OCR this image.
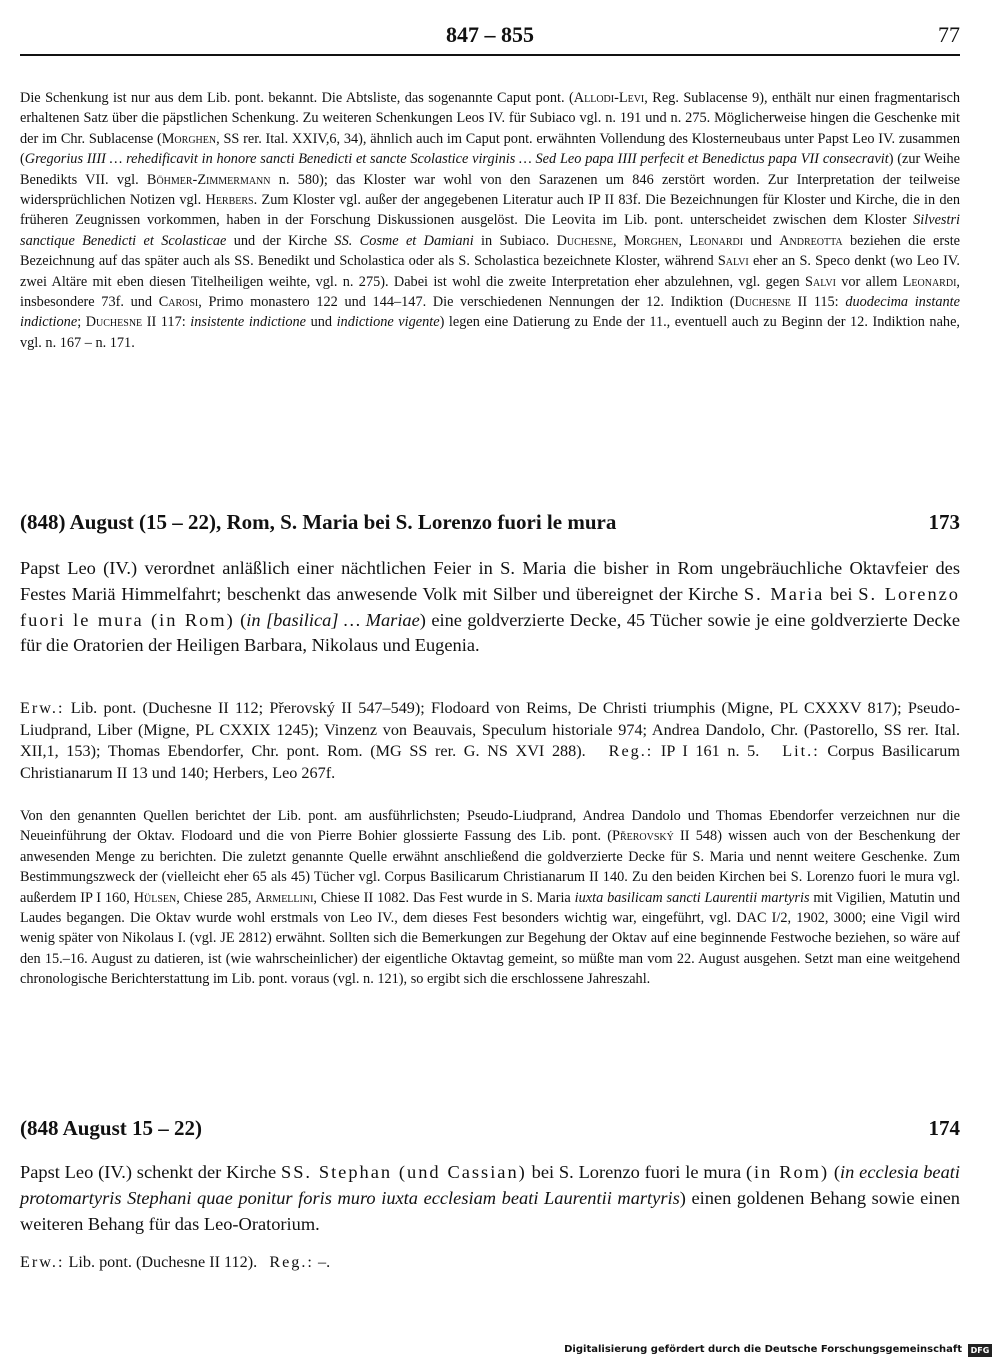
847 – 855	77
Die Schenkung ist nur aus dem Lib. pont. bekannt. Die Abtsliste, das sogenannte Caput pont. (Allodi-Levi, Reg. Sublacense 9), enthält nur einen fragmentarisch erhaltenen Satz über die päpstlichen Schenkung. Zu weiteren Schenkungen Leos IV. für Subiaco vgl. n. 191 und n. 275. Möglicherweise hingen die Geschenke mit der im Chr. Sublacense (Morghen, SS rer. Ital. XXIV,6, 34), ähnlich auch im Caput pont. erwähnten Vollendung des Klosterneubaus unter Papst Leo IV. zusammen (Gregorius IIII … rehedificavit in honore sancti Benedicti et sancte Scolastice virginis … Sed Leo papa IIII perfecit et Benedictus papa VII consecravit) (zur Weihe Benedikts VII. vgl. Böhmer-Zimmermann n. 580); das Kloster war wohl von den Sarazenen um 846 zerstört worden. Zur Interpretation der teilweise widersprüchlichen Notizen vgl. Herbers. Zum Kloster vgl. außer der angegebenen Literatur auch IP II 83f. Die Bezeichnungen für Kloster und Kirche, die in den früheren Zeugnissen vorkommen, haben in der Forschung Diskussionen ausgelöst. Die Leovita im Lib. pont. unterscheidet zwischen dem Kloster Silvestri sanctique Benedicti et Scolasticae und der Kirche SS. Cosme et Damiani in Subiaco. Duchesne, Morghen, Leonardi und Andreotta beziehen die erste Bezeichnung auf das später auch als SS. Benedikt und Scholastica oder als S. Scholastica bezeichnete Kloster, während Salvi eher an S. Speco denkt (wo Leo IV. zwei Altäre mit eben diesen Titelheiligen weihte, vgl. n. 275). Dabei ist wohl die zweite Interpretation eher abzulehnen, vgl. gegen Salvi vor allem Leonardi, insbesondere 73f. und Carosi, Primo monastero 122 und 144–147. Die verschiedenen Nennungen der 12. Indiktion (Duchesne II 115: duodecima instante indictione; Duchesne II 117: insistente indictione und indictione vigente) legen eine Datierung zu Ende der 11., eventuell auch zu Beginn der 12. Indiktion nahe, vgl. n. 167 – n. 171.
(848) August (15 – 22), Rom, S. Maria bei S. Lorenzo fuori le mura	173
Papst Leo (IV.) verordnet anläßlich einer nächtlichen Feier in S. Maria die bisher in Rom ungebräuchliche Oktavfeier des Festes Mariä Himmelfahrt; beschenkt das anwesende Volk mit Silber und übereignet der Kirche S. Maria bei S. Lorenzo fuori le mura (in Rom) (in [basilica] … Mariae) eine goldverzierte Decke, 45 Tücher sowie je eine goldverzierte Decke für die Oratorien der Heiligen Barbara, Nikolaus und Eugenia.
Erw.: Lib. pont. (Duchesne II 112; Přerovský II 547–549); Flodoard von Reims, De Christi triumphis (Migne, PL CXXXV 817); Pseudo-Liudprand, Liber (Migne, PL CXXIX 1245); Vinzenz von Beauvais, Speculum historiale 974; Andrea Dandolo, Chr. (Pastorello, SS rer. Ital. XII,1, 153); Thomas Ebendorfer, Chr. pont. Rom. (MG SS rer. G. NS XVI 288). Reg.: IP I 161 n. 5. Lit.: Corpus Basilicarum Christianarum II 13 und 140; Herbers, Leo 267f.
Von den genannten Quellen berichtet der Lib. pont. am ausführlichsten; Pseudo-Liudprand, Andrea Dandolo und Thomas Ebendorfer verzeichnen nur die Neueinführung der Oktav. Flodoard und die von Pierre Bohier glossierte Fassung des Lib. pont. (Přerovský II 548) wissen auch von der Beschenkung der anwesenden Menge zu berichten. Die zuletzt genannte Quelle erwähnt anschließend die goldverzierte Decke für S. Maria und nennt weitere Geschenke. Zum Bestimmungszweck der (vielleicht eher 65 als 45) Tücher vgl. Corpus Basilicarum Christianarum II 140. Zu den beiden Kirchen bei S. Lorenzo fuori le mura vgl. außerdem IP I 160, Hülsen, Chiese 285, Armellini, Chiese II 1082. Das Fest wurde in S. Maria iuxta basilicam sancti Laurentii martyris mit Vigilien, Matutin und Laudes begangen. Die Oktav wurde wohl erstmals von Leo IV., dem dieses Fest besonders wichtig war, eingeführt, vgl. DAC I/2, 1902, 3000; eine Vigil wird wenig später von Nikolaus I. (vgl. JE 2812) erwähnt. Sollten sich die Bemerkungen zur Begehung der Oktav auf eine beginnende Festwoche beziehen, so wäre auf den 15.–16. August zu datieren, ist (wie wahrscheinlicher) der eigentliche Oktavtag gemeint, so müßte man vom 22. August ausgehen. Setzt man eine weitgehend chronologische Berichterstattung im Lib. pont. voraus (vgl. n. 121), so ergibt sich die erschlossene Jahreszahl.
(848 August 15 – 22)	174
Papst Leo (IV.) schenkt der Kirche SS. Stephan (und Cassian) bei S. Lorenzo fuori le mura (in Rom) (in ecclesia beati protomartyris Stephani quae ponitur foris muro iuxta ecclesiam beati Laurentii martyris) einen goldenen Behang sowie einen weiteren Behang für das Leo-Oratorium.
Erw.: Lib. pont. (Duchesne II 112). Reg.: –.
Digitalisierung gefördert durch die Deutsche Forschungsgemeinschaft	DFG
